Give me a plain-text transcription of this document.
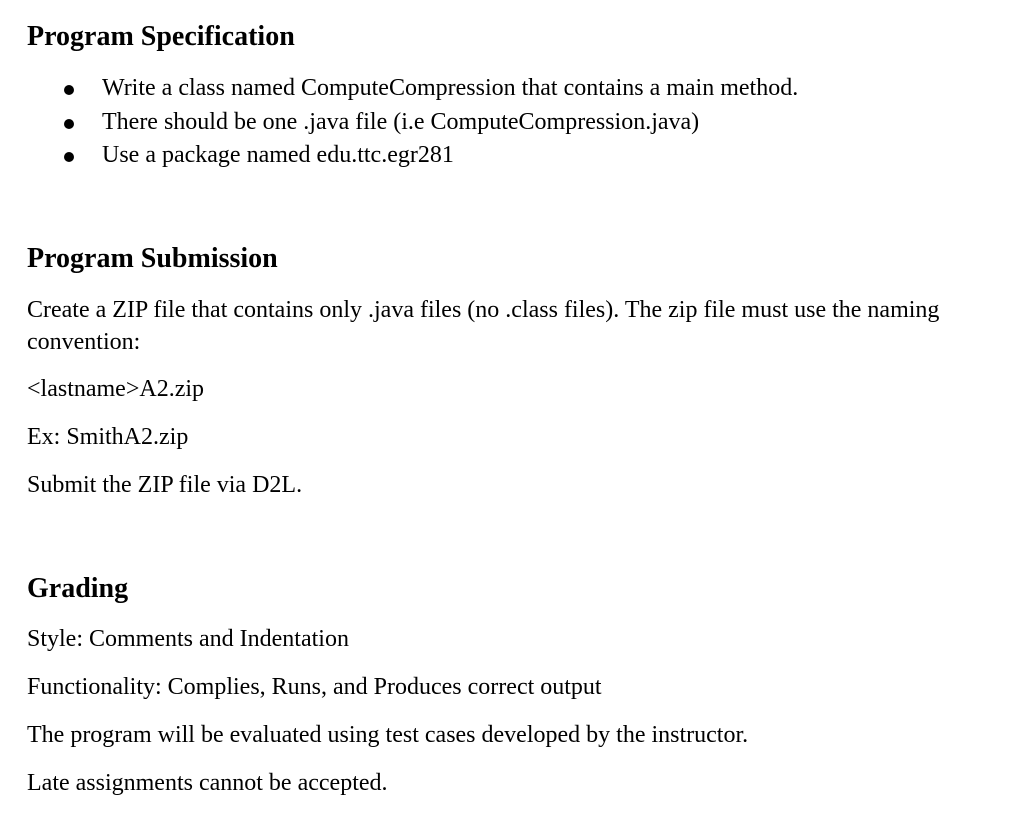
Program Specification
Write a class named ComputeCompression that contains a main method.
There should be one .java file (i.e ComputeCompression.java)
Use a package named edu.ttc.egr281
Program Submission

Create a ZIP file that contains only .java files (no .class files). The zip file must use the naming convention:

<lastname>A2.zip

Ex: SmithA2.zip

Submit the ZIP file via D2L.

Grading

Style: Comments and Indentation

Functionality: Complies, Runs, and Produces correct output

The program will be evaluated using test cases developed by the instructor.

Late assignments cannot be accepted.
